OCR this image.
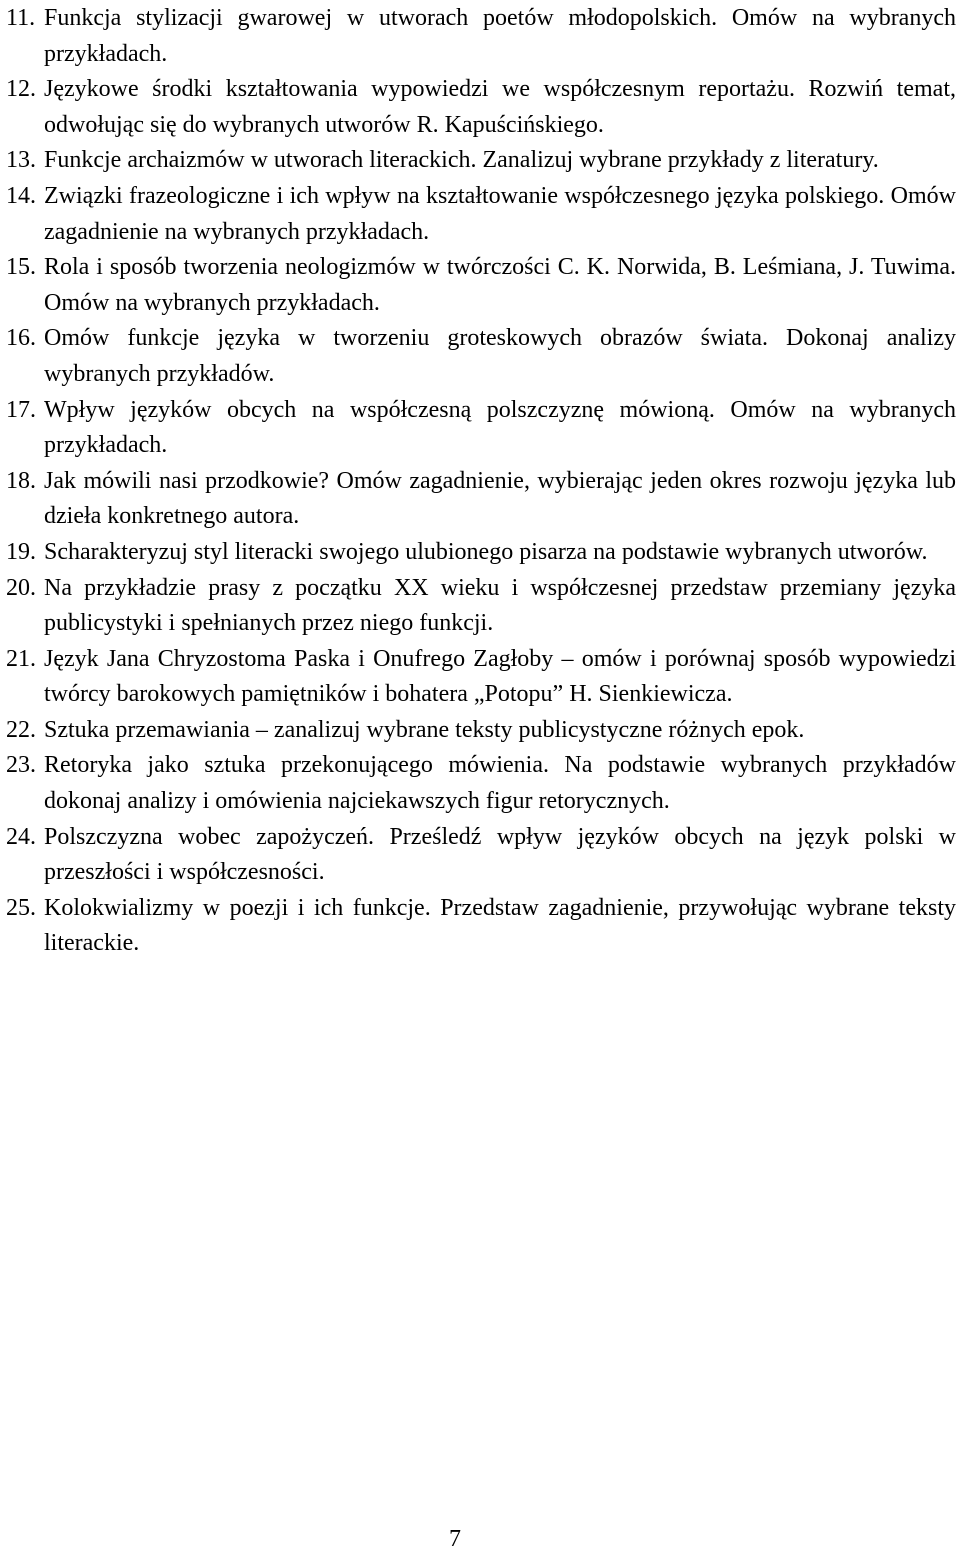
11. Funkcja stylizacji gwarowej w utworach poetów młodopolskich. Omów na wybranych przykładach.
12. Językowe środki kształtowania wypowiedzi we współczesnym reportażu. Rozwiń temat, odwołując się do wybranych utworów R. Kapuścińskiego.
13. Funkcje archaizmów w utworach literackich. Zanalizuj wybrane przykłady z literatury.
14. Związki frazeologiczne i ich wpływ na kształtowanie współczesnego języka polskiego. Omów zagadnienie na wybranych przykładach.
15. Rola i sposób tworzenia neologizmów w twórczości C. K. Norwida, B. Leśmiana, J. Tuwima. Omów na wybranych przykładach.
16. Omów funkcje języka w tworzeniu groteskowych obrazów świata. Dokonaj analizy wybranych przykładów.
17. Wpływ języków obcych na współczesną polszczyznę mówioną. Omów na wybranych przykładach.
18. Jak mówili nasi przodkowie? Omów zagadnienie, wybierając jeden okres rozwoju języka lub dzieła konkretnego autora.
19. Scharakteryzuj styl literacki swojego ulubionego pisarza na podstawie wybranych utworów.
20. Na przykładzie prasy z początku XX wieku i współczesnej przedstaw przemiany języka publicystyki i spełnianych przez niego funkcji.
21. Język Jana Chryzostoma Paska i Onufrego Zagłoby – omów i porównaj sposób wypowiedzi twórcy barokowych pamiętników i bohatera „Potopu” H. Sienkiewicza.
22. Sztuka przemawiania – zanalizuj wybrane teksty publicystyczne różnych epok.
23. Retoryka jako sztuka przekonującego mówienia. Na podstawie wybranych przykładów dokonaj analizy i omówienia najciekawszych figur retorycznych.
24. Polszczyzna wobec zapożyczeń. Prześledź wpływ języków obcych na język polski w przeszłości i współczesności.
25. Kolokwializmy w poezji i ich funkcje. Przedstaw zagadnienie, przywołując wybrane teksty literackie.
7
